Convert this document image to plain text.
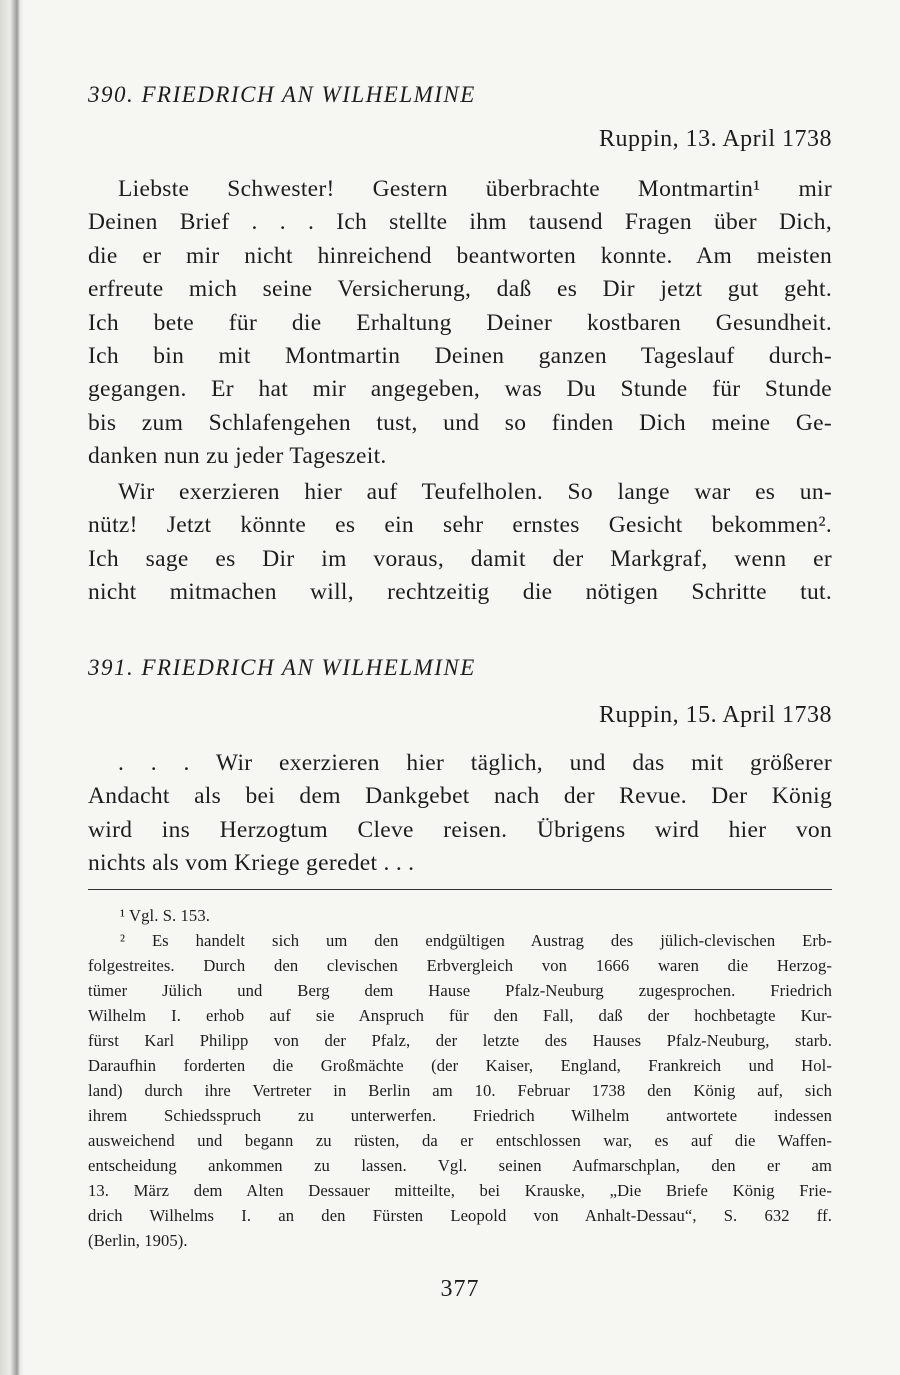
390. FRIEDRICH AN WILHELMINE
Ruppin, 13. April 1738
Liebste Schwester! Gestern überbrachte Montmartin¹ mir
Deinen Brief . . . Ich stellte ihm tausend Fragen über Dich,
die er mir nicht hinreichend beantworten konnte. Am meisten
erfreute mich seine Versicherung, daß es Dir jetzt gut geht.
Ich bete für die Erhaltung Deiner kostbaren Gesundheit.
Ich bin mit Montmartin Deinen ganzen Tageslauf durch-
gegangen. Er hat mir angegeben, was Du Stunde für Stunde
bis zum Schlafengehen tust, und so finden Dich meine Ge-
danken nun zu jeder Tageszeit.
Wir exerzieren hier auf Teufelholen. So lange war es un-
nütz! Jetzt könnte es ein sehr ernstes Gesicht bekommen².
Ich sage es Dir im voraus, damit der Markgraf, wenn er
nicht mitmachen will, rechtzeitig die nötigen Schritte tut.
391. FRIEDRICH AN WILHELMINE
Ruppin, 15. April 1738
. . . Wir exerzieren hier täglich, und das mit größerer
Andacht als bei dem Dankgebet nach der Revue. Der König
wird ins Herzogtum Cleve reisen. Übrigens wird hier von
nichts als vom Kriege geredet . . .
¹ Vgl. S. 153.
² Es handelt sich um den endgültigen Austrag des jülich-clevischen Erb-
folgestreites. Durch den clevischen Erbvergleich von 1666 waren die Herzog-
tümer Jülich und Berg dem Hause Pfalz-Neuburg zugesprochen. Friedrich
Wilhelm I. erhob auf sie Anspruch für den Fall, daß der hochbetagte Kur-
fürst Karl Philipp von der Pfalz, der letzte des Hauses Pfalz-Neuburg, starb.
Daraufhin forderten die Großmächte (der Kaiser, England, Frankreich und Hol-
land) durch ihre Vertreter in Berlin am 10. Februar 1738 den König auf, sich
ihrem Schiedsspruch zu unterwerfen. Friedrich Wilhelm antwortete indessen
ausweichend und begann zu rüsten, da er entschlossen war, es auf die Waffen-
entscheidung ankommen zu lassen. Vgl. seinen Aufmarschplan, den er am
13. März dem Alten Dessauer mitteilte, bei Krauske, „Die Briefe König Frie-
drich Wilhelms I. an den Fürsten Leopold von Anhalt-Dessau“, S. 632 ff.
(Berlin, 1905).
377
